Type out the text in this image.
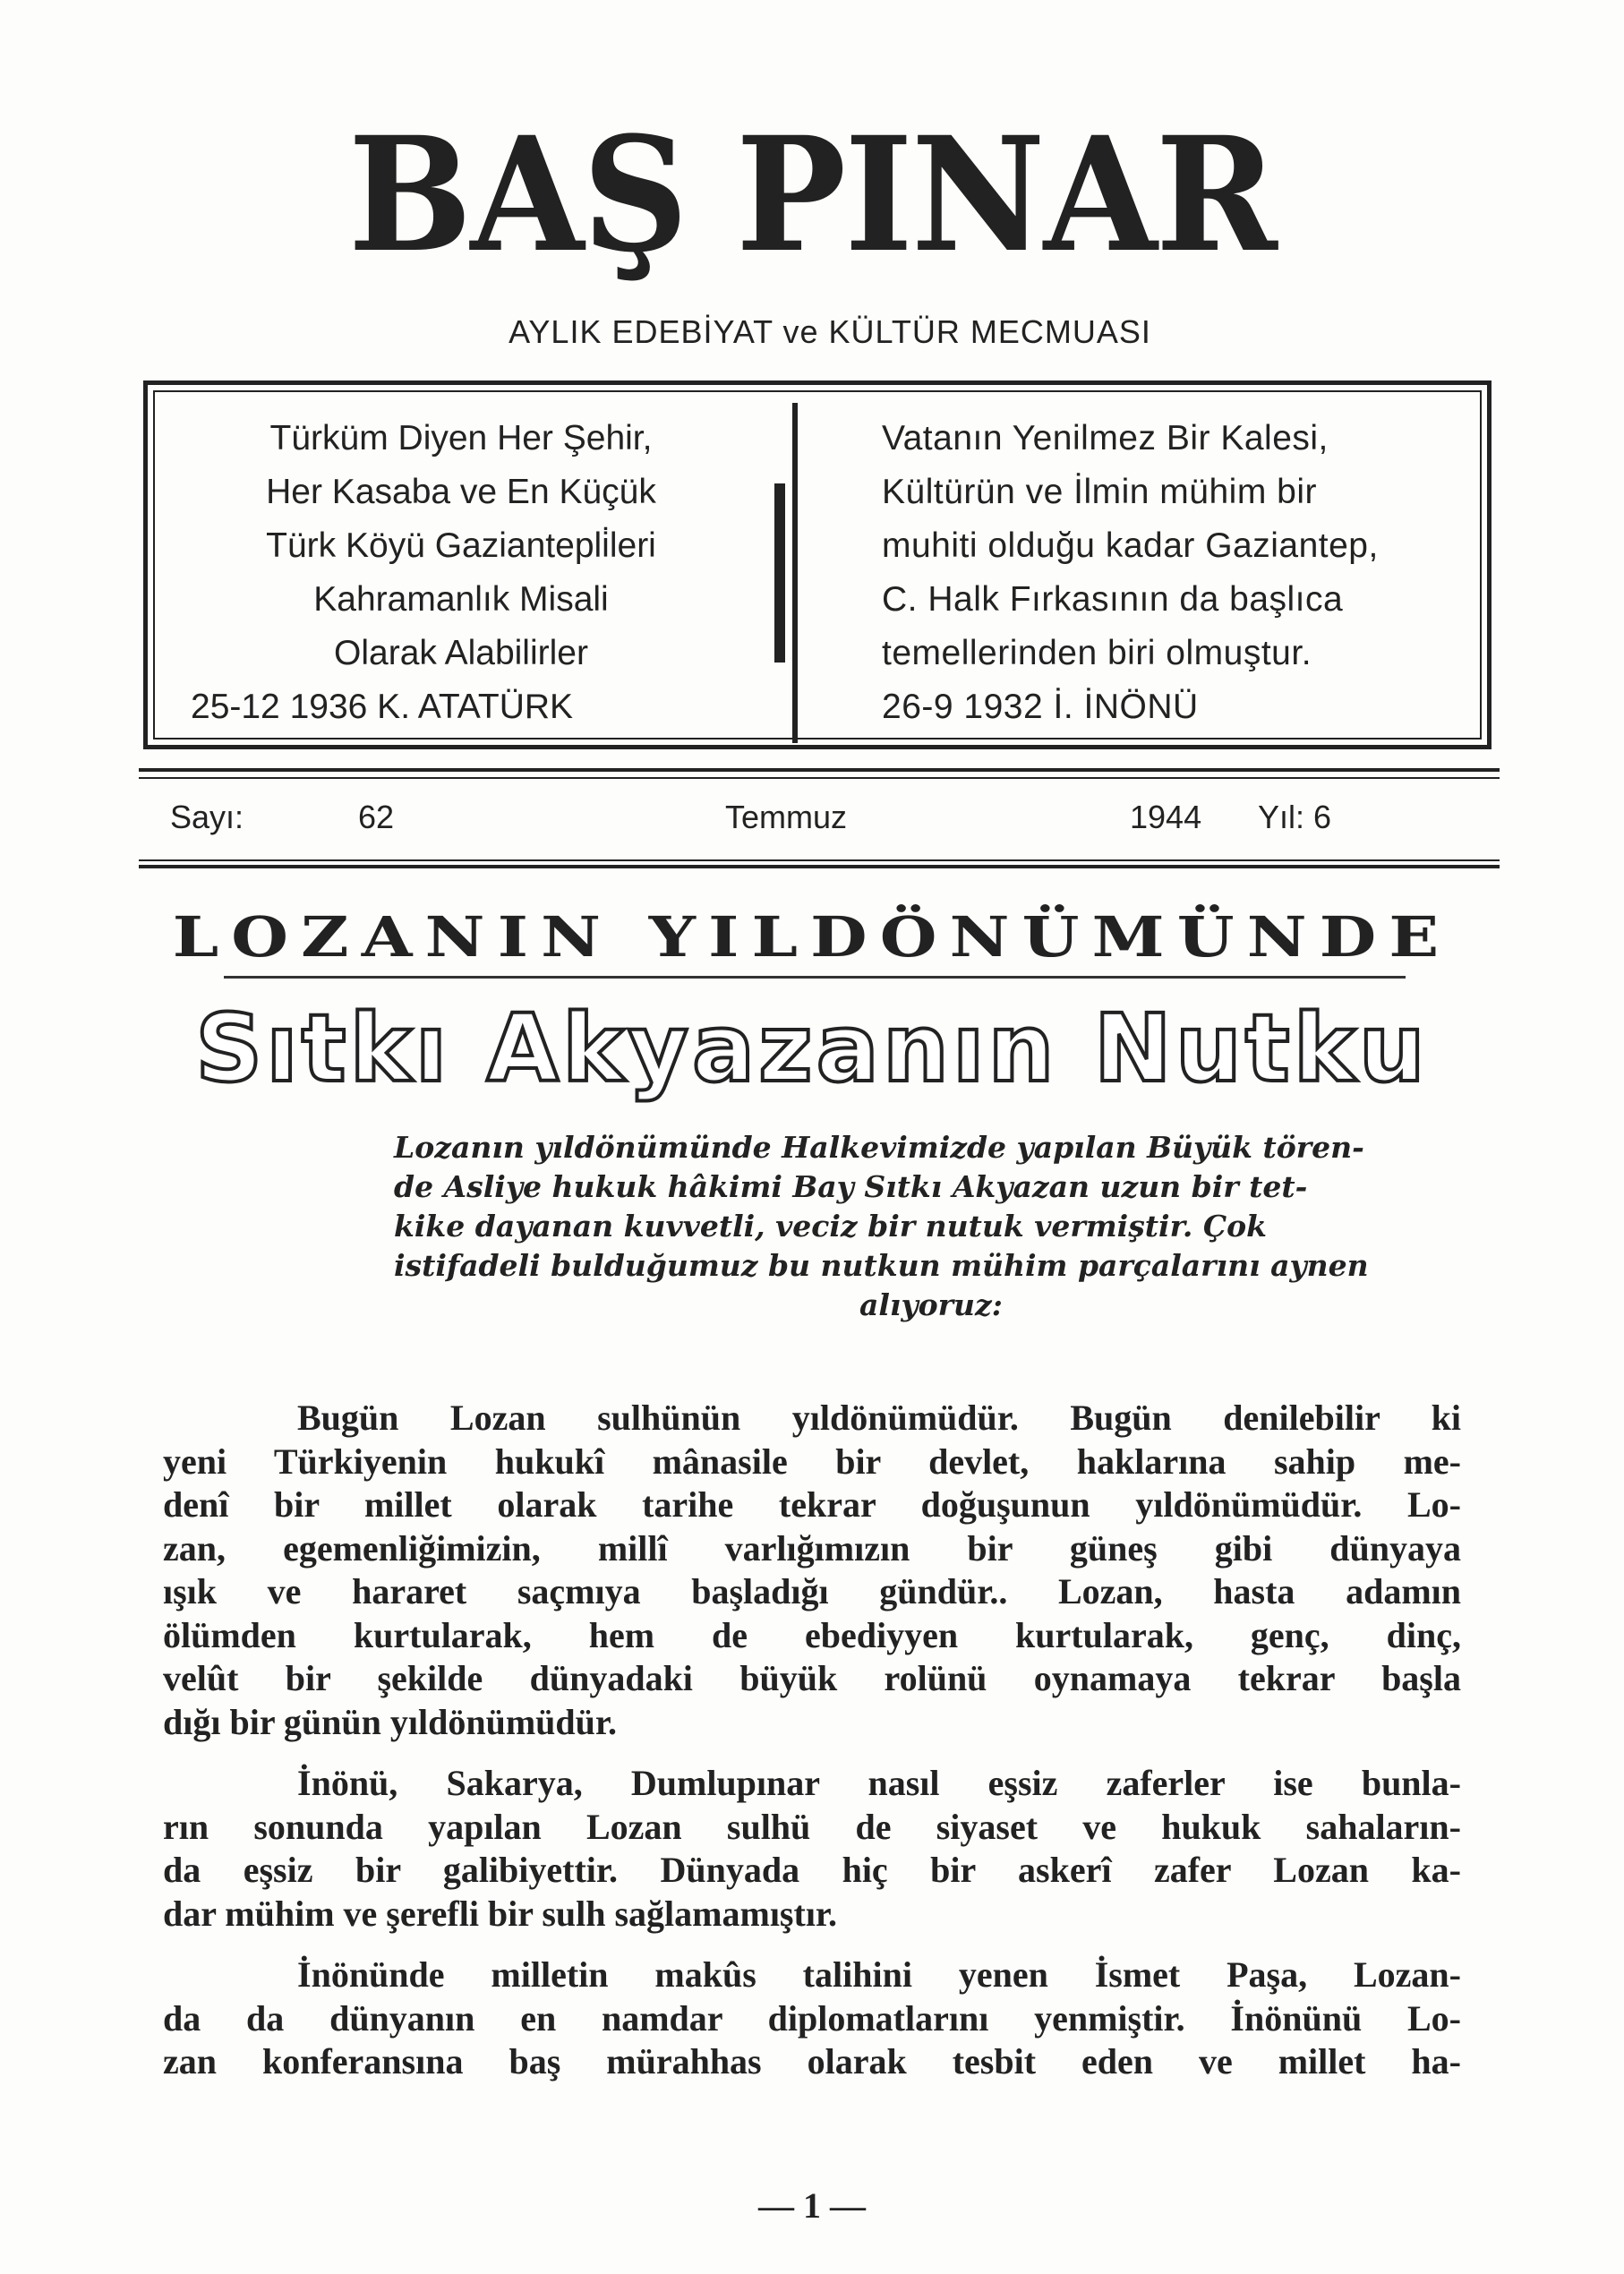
BAŞ PINAR
AYLIK EDEBİYAT ve KÜLTÜR MECMUASI
Türküm Diyen Her Şehir,
Her Kasaba ve En Küçük
Türk Köyü Gaziantepli̇leri
Kahramanlık Misali
Olarak Alabilirler
25-12 1936 K. ATATÜRK
Vatanın Yenilmez Bir Kalesi,
Kültürün ve İlmin mühim bir
muhiti olduğu kadar Gaziantep,
C. Halk Fırkasının da başlıca
temellerinden biri olmuştur.
26-9 1932 İ. İNÖNÜ
Sayı:	62	Temmuz	1944 Yıl: 6
LOZANIN YILDÖNÜMÜNDE
Sıtkı Akyazanın Nutku
Lozanın yıldönümünde Halkevimizde yapılan Büyük tören-
de Asliye hukuk hâkimi Bay Sıtkı Akyazan uzun bir tet-
kike dayanan kuvvetli, veciz bir nutuk vermiştir. Çok
istifadeli bulduğumuz bu nutkun mühim parçalarını aynen
alıyoruz:
Bugün Lozan sulhünün yıldönümüdür. Bugün denilebilir ki
yeni Türkiyenin hukukî mânasile bir devlet, haklarına sahip me-
denî bir millet olarak tarihe tekrar doğuşunun yıldönümüdür. Lo-
zan, egemenliğimizin, millî varlığımızın bir güneş gibi dünyaya
ışık ve hararet saçmıya başladığı gündür.. Lozan, hasta adamın
ölümden kurtularak, hem de ebediyyen kurtularak, genç, dinç,
velût bir şekilde dünyadaki büyük rolünü oynamaya tekrar başla
dığı bir günün yıldönümüdür.
İnönü, Sakarya, Dumlupınar nasıl eşsiz zaferler ise bunla-
rın sonunda yapılan Lozan sulhü de siyaset ve hukuk sahaların-
da eşsiz bir galibiyettir. Dünyada hiç bir askerî zafer Lozan ka-
dar mühim ve şerefli bir sulh sağlamamıştır.
İnönünde milletin makûs talihini yenen İsmet Paşa, Lozan-
da da dünyanın en namdar diplomatlarını yenmiştir. İnönünü Lo-
zan konferansına baş mürahhas olarak tesbit eden ve millet ha-
— 1 —
